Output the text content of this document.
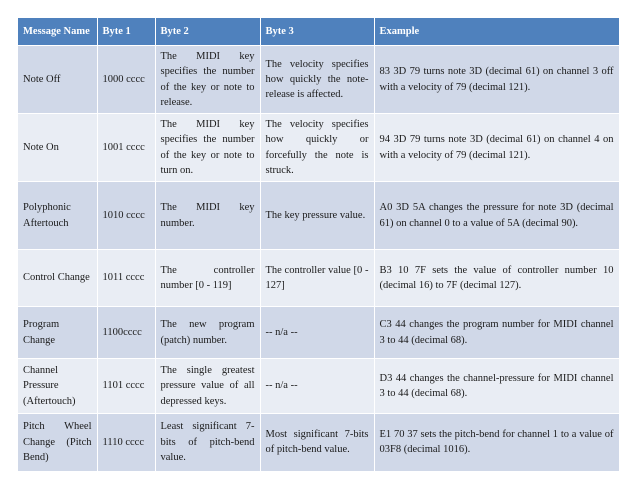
Message Name	Byte 1	Byte 2	Byte 3	Example
Note Off	1000 cccc	The MIDI key specifies the number of the key or note to release.	The velocity specifies how quickly the note-release is affected.	83 3D 79 turns note 3D (decimal 61) on channel 3 off with a velocity of 79 (decimal 121).
Note On	1001 cccc	The MIDI key specifies the number of the key or note to turn on.	The velocity specifies how quickly or forcefully the note is struck.	94 3D 79 turns note 3D (decimal 61) on channel 4 on with a velocity of 79 (decimal 121).
Polyphonic Aftertouch	1010 cccc	The MIDI key number.	The key pressure value.	A0 3D 5A changes the pressure for note 3D (decimal 61) on channel 0 to a value of 5A (decimal 90).
Control Change	1011 cccc	The controller number [0 - 119]	The controller value [0 - 127]	B3 10 7F sets the value of controller number 10 (decimal 16) to 7F (decimal 127).
Program Change	1100cccc	The new program (patch) number.	-- n/a --	C3 44 changes the program number for MIDI channel 3 to 44 (decimal 68).
Channel Pressure (Aftertouch)	1101 cccc	The single greatest pressure value of all depressed keys.	-- n/a --	D3 44 changes the channel-pressure for MIDI channel 3 to 44 (decimal 68).
Pitch Wheel Change (Pitch Bend)	1110 cccc	Least significant 7-bits of pitch-bend value.	Most significant 7-bits of pitch-bend value.	E1 70 37 sets the pitch-bend for channel 1 to a value of 03F8 (decimal 1016).
